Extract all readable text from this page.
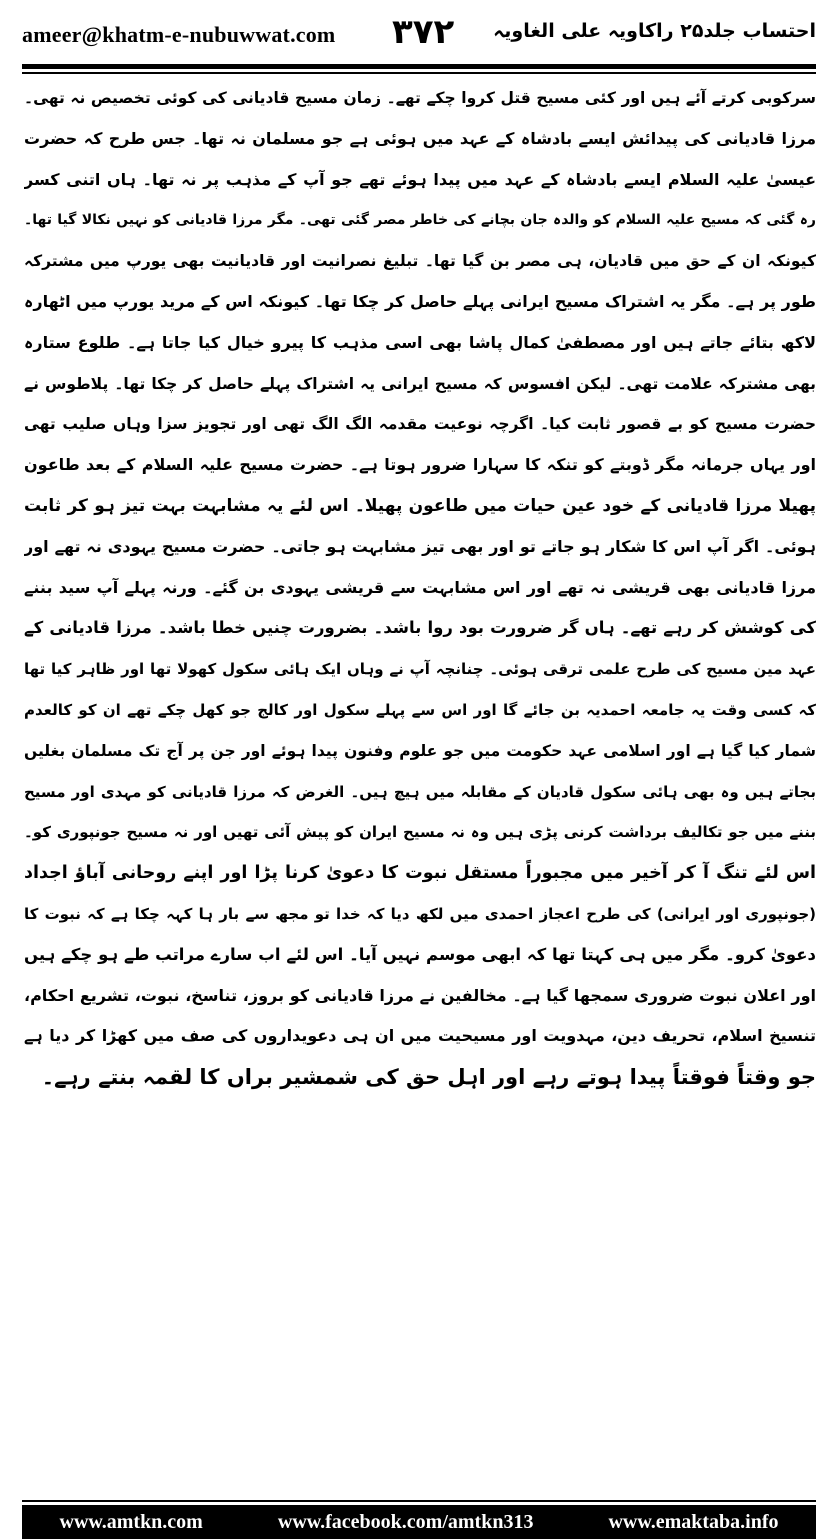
ameer@khatm-e-nubuwwat.com ۳۷۲ احتساب جلد۲۵ راکاویہ علی الغاویہ
سرکوبی کرتے آئے ہیں اور کئی مسیح قتل کروا چکے تھے۔ زمان مسیح قادیانی کی کوئی تخصیص نہ تھی۔
مرزا قادیانی کی پیدائش ایسے بادشاہ کے عہد میں ہوئی ہے جو مسلمان نہ تھا۔ جس طرح کہ حضرت
عیسیٰ علیہ السلام ایسے بادشاہ کے عہد میں پیدا ہوئے تھے جو آپ کے مذہب پر نہ تھا۔ ہاں اتنی کسر
رہ گئی کہ مسیح علیہ السلام کو والدہ جان بچانے کی خاطر مصر گئی تھی۔ مگر مرزا قادیانی کو نہیں نکالا گیا تھا۔
کیونکہ ان کے حق میں قادیان، ہی مصر بن گیا تھا۔ تبلیغ نصرانیت اور قادیانیت بھی یورپ میں مشترکہ
طور پر ہے۔ مگر یہ اشتراک مسیح ایرانی پہلے حاصل کر چکا تھا۔ کیونکہ اس کے مرید یورپ میں اٹھارہ
لاکھ بتائے جاتے ہیں اور مصطفیٰ کمال پاشا بھی اسی مذہب کا پیرو خیال کیا جاتا ہے۔ طلوع ستارہ
بھی مشترکہ علامت تھی۔ لیکن افسوس کہ مسیح ایرانی یہ اشتراک پہلے حاصل کر چکا تھا۔ پلاطوس نے
حضرت مسیح کو بے قصور ثابت کیا۔ اگرچہ نوعیت مقدمہ الگ الگ تھی اور تجویز سزا وہاں صلیب تھی
اور یہاں جرمانہ مگر ڈوبتے کو تنکہ کا سہارا ضرور ہوتا ہے۔ حضرت مسیح علیہ السلام کے بعد طاعون
پھیلا مرزا قادیانی کے خود عین حیات میں طاعون پھیلا۔ اس لئے یہ مشابہت بہت تیز ہو کر ثابت
ہوئی۔ اگر آپ اس کا شکار ہو جاتے تو اور بھی تیز مشابہت ہو جاتی۔ حضرت مسیح یہودی نہ تھے اور
مرزا قادیانی بھی قریشی نہ تھے اور اس مشابہت سے قریشی یہودی بن گئے۔ ورنہ پہلے آپ سید بننے
کی کوشش کر رہے تھے۔ ہاں گر ضرورت بود روا باشد۔ بضرورت چنیں خطا باشد۔ مرزا قادیانی کے
عہد مین مسیح کی طرح علمی ترقی ہوئی۔ چنانچہ آپ نے وہاں ایک ہائی سکول کھولا تھا اور ظاہر کیا تھا
کہ کسی وقت یہ جامعہ احمدیہ بن جائے گا اور اس سے پہلے سکول اور کالج جو کھل چکے تھے ان کو کالعدم
شمار کیا گیا ہے اور اسلامی عہد حکومت میں جو علوم وفنون پیدا ہوئے اور جن پر آج تک مسلمان بغلیں
بجاتے ہیں وہ بھی ہائی سکول قادیان کے مقابلہ میں ہیچ ہیں۔ الغرض کہ مرزا قادیانی کو مہدی اور مسیح
بننے میں جو تکالیف برداشت کرنی پڑی ہیں وہ نہ مسیح ایران کو پیش آئی تھیں اور نہ مسیح جونپوری کو۔
اس لئے تنگ آ کر آخیر میں مجبوراً مستقل نبوت کا دعویٰ کرنا پڑا اور اپنے روحانی آباؤ اجداد
(جونپوری اور ایرانی) کی طرح اعجاز احمدی میں لکھ دیا کہ خدا تو مجھ سے بار ہا کہہ چکا ہے کہ نبوت کا
دعویٰ کرو۔ مگر میں ہی کہتا تھا کہ ابھی موسم نہیں آیا۔ اس لئے اب سارے مراتب طے ہو چکے ہیں
اور اعلان نبوت ضروری سمجھا گیا ہے۔ مخالفین نے مرزا قادیانی کو بروز، تناسخ، نبوت، تشریع احکام،
تنسیخ اسلام، تحریف دین، مہدویت اور مسیحیت میں ان ہی دعویداروں کی صف میں کھڑا کر دیا ہے
جو وقتاً فوقتاً پیدا ہوتے رہے اور اہل حق کی شمشیر براں کا لقمہ بنتے رہے۔
www.amtkn.com	www.facebook.com/amtkn313	www.emaktaba.info
